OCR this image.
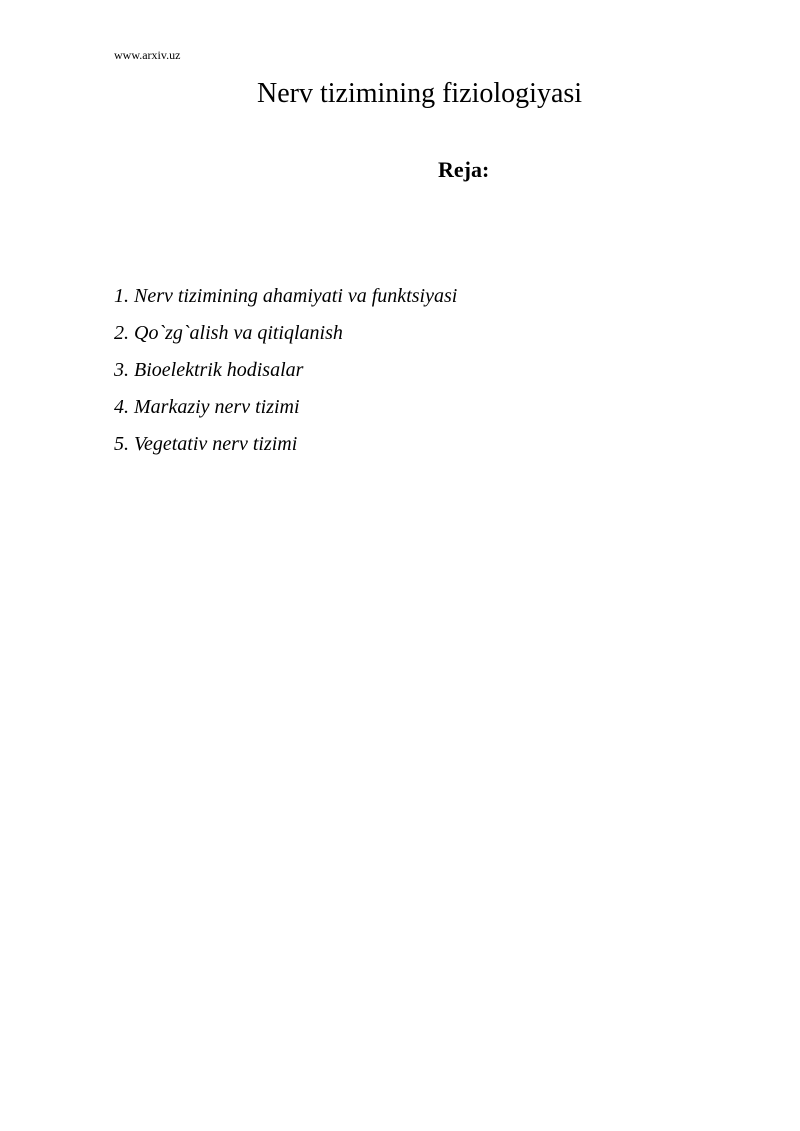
www.arxiv.uz
Nerv tizimining fiziologiyasi
Reja:
1. Nerv tizimining ahamiyati va funktsiyasi
2. Qo`zg`alish va qitiqlanish
3. Bioelektrik hodisalar
4. Markaziy nerv tizimi
5. Vegetativ nerv tizimi
